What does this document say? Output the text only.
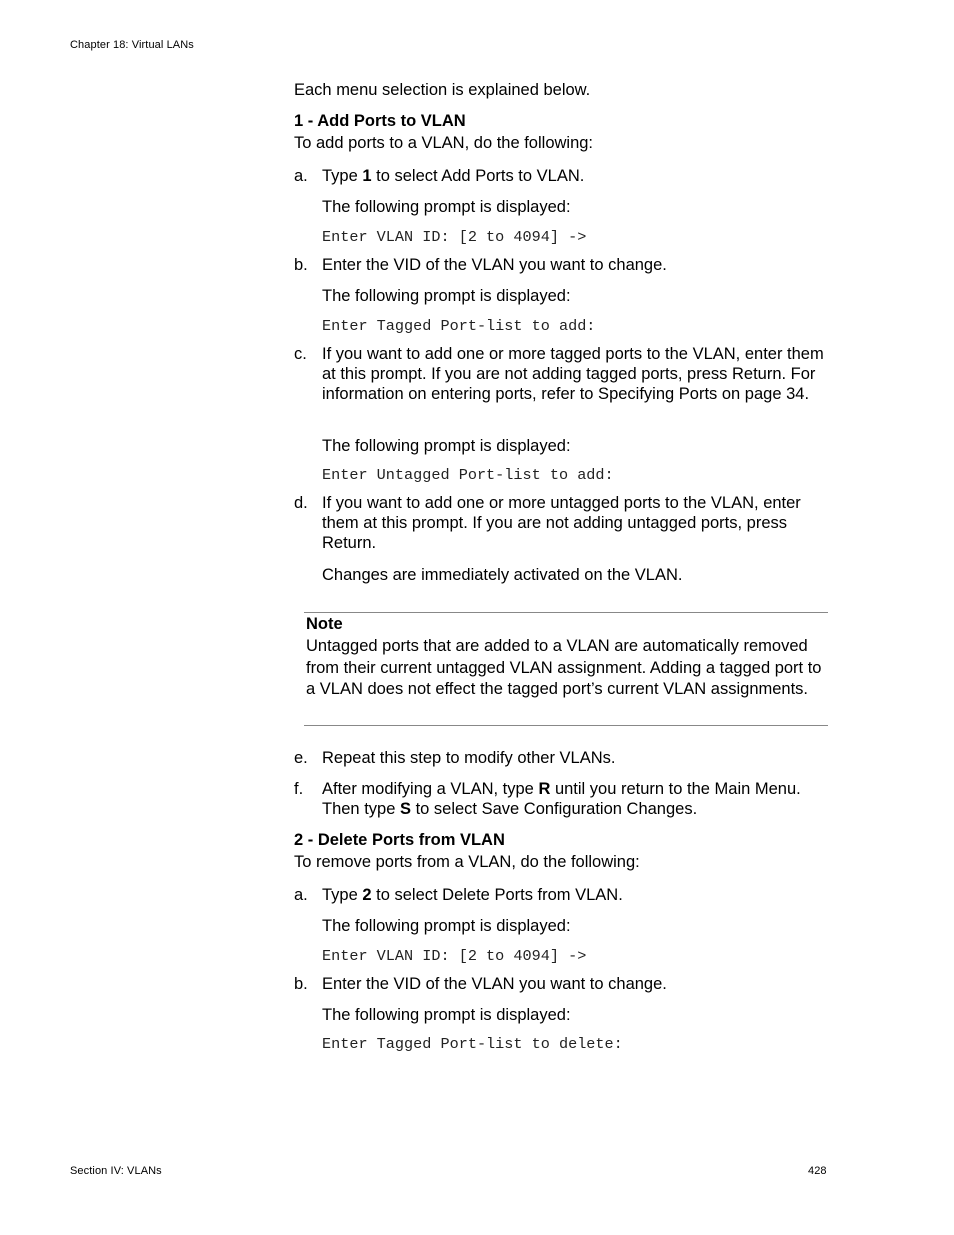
Chapter 18: Virtual LANs
Each menu selection is explained below.
1 - Add Ports to VLAN
To add ports to a VLAN, do the following:
a. Type 1 to select Add Ports to VLAN.
The following prompt is displayed:
Enter VLAN ID: [2 to 4094] ->
b. Enter the VID of the VLAN you want to change.
The following prompt is displayed:
Enter Tagged Port-list to add:
c. If you want to add one or more tagged ports to the VLAN, enter them at this prompt. If you are not adding tagged ports, press Return. For information on entering ports, refer to Specifying Ports on page 34.
The following prompt is displayed:
Enter Untagged Port-list to add:
d. If you want to add one or more untagged ports to the VLAN, enter them at this prompt. If you are not adding untagged ports, press Return.
Changes are immediately activated on the VLAN.
Note
Untagged ports that are added to a VLAN are automatically removed from their current untagged VLAN assignment. Adding a tagged port to a VLAN does not effect the tagged port’s current VLAN assignments.
e. Repeat this step to modify other VLANs.
f. After modifying a VLAN, type R until you return to the Main Menu.
Then type S to select Save Configuration Changes.
2 - Delete Ports from VLAN
To remove ports from a VLAN, do the following:
a. Type 2 to select Delete Ports from VLAN.
The following prompt is displayed:
Enter VLAN ID: [2 to 4094] ->
b. Enter the VID of the VLAN you want to change.
The following prompt is displayed:
Enter Tagged Port-list to delete:
Section IV: VLANs	428
